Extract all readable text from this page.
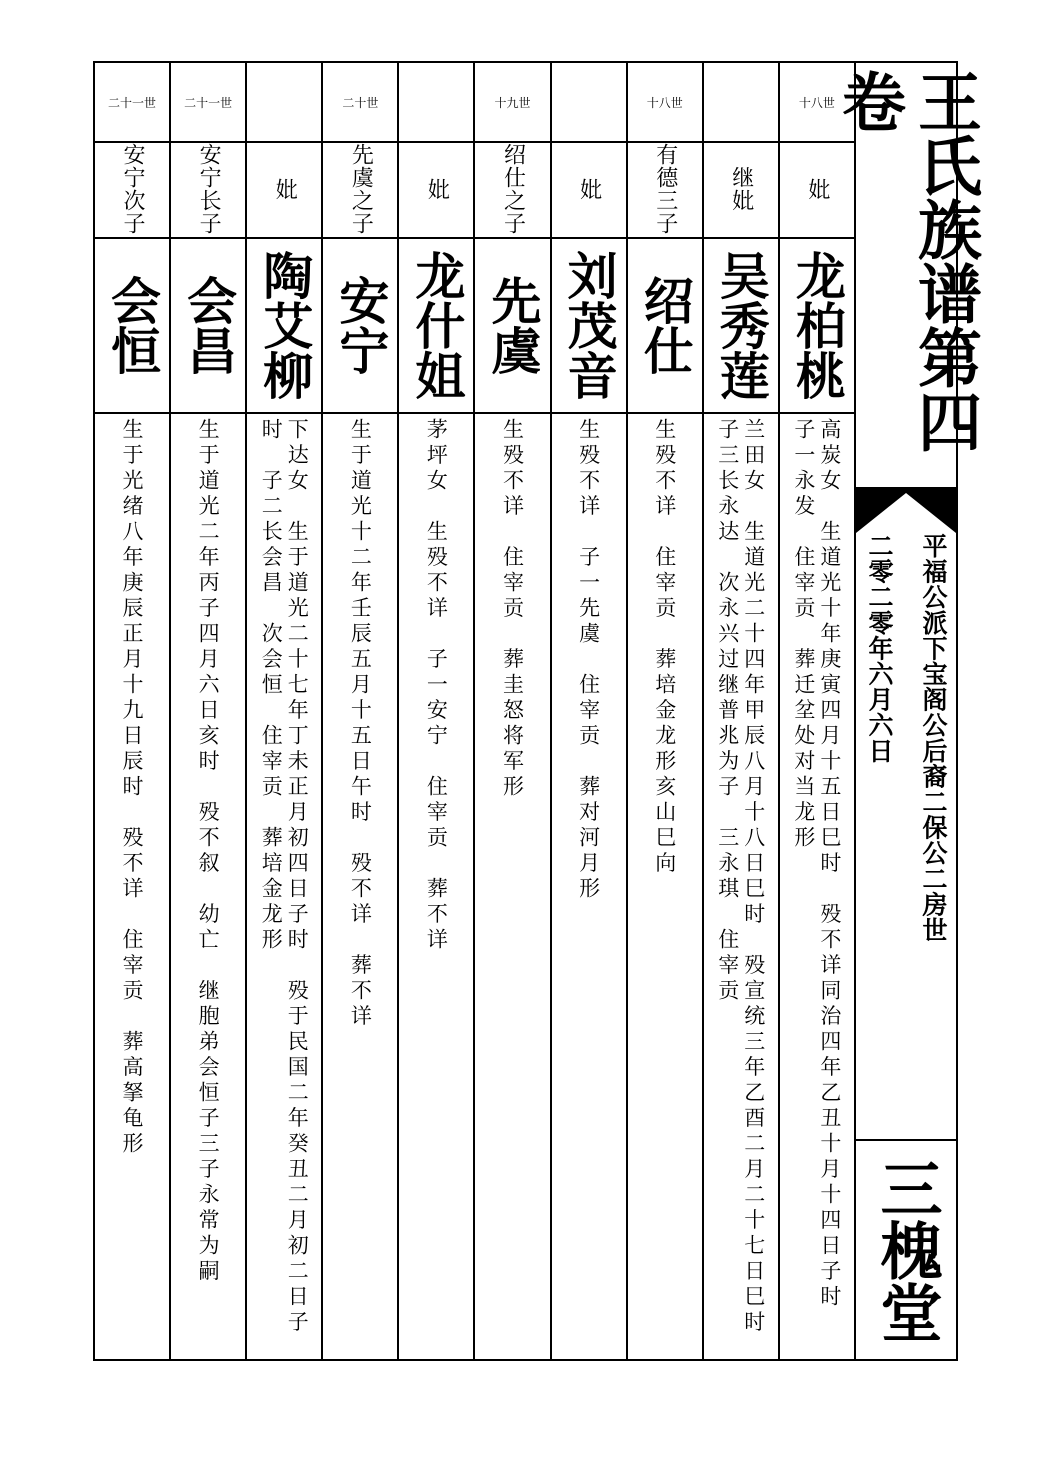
二十一世
安宁次子
会恒
生于光绪八年庚辰正月十九日辰时　殁不详　住宰贡　葬高拏龟形
二十一世
安宁长子
会昌
生于道光二年丙子四月六日亥时　殁不叙　幼亡　继胞弟会恒子三子永常为嗣
妣
陶艾柳
下达女　生于道光二十七年丁未正月初四日子时　殁于民国二年癸丑二月初二日子时　子二长会昌　次会恒　住宰贡　葬培金龙形
二十世
先虞之子
安宁
生于道光十二年壬辰五月十五日午时　殁不详　葬不详
妣
龙什姐
茅坪女　生殁不详　子一安宁　住宰贡　葬不详
十九世
绍仕之子
先虞
生殁不详　住宰贡　葬圭怒将军形
妣
刘茂音
生殁不详　子一先虞　住宰贡　葬对河月形
十八世
有德三子
绍仕
生殁不详　住宰贡　葬培金龙形亥山巳向
继妣
吴秀莲
兰田女　生道光二十四年甲辰八月十八日巳时　殁宣统三年乙酉二月二十七日巳时　子三长永达　次永兴过继普兆为子　三永琪　住宰贡
十八世
妣
龙柏桃
高炭女　生道光十年庚寅四月十五日巳时　殁不详同治四年乙丑十月十四日子时　子一永发　住宰贡　葬迁坌处对当龙形
王氏族谱第四卷
平福公派下宝阁公后裔二保公二房世
二零二零年六月六日
三槐堂
